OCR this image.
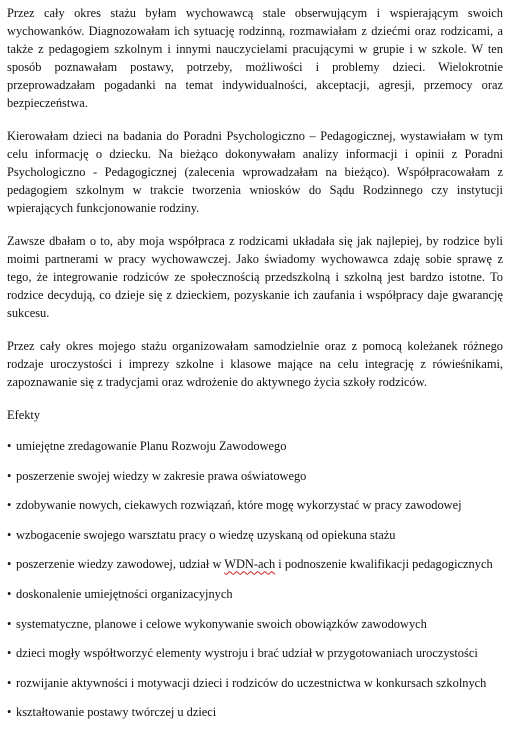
Przez cały okres stażu byłam wychowawcą stale obserwującym i wspierającym swoich wychowanków. Diagnozowałam ich sytuację rodzinną, rozmawiałam z dziećmi oraz rodzicami, a także z pedagogiem szkolnym i innymi nauczycielami pracującymi w grupie i w szkole. W ten sposób poznawałam postawy, potrzeby, możliwości i problemy dzieci. Wielokrotnie przeprowadzałam pogadanki na temat indywidualności, akceptacji, agresji, przemocy oraz bezpieczeństwa.

Kierowałam dzieci na badania do Poradni Psychologiczno – Pedagogicznej, wystawiałam w tym celu informację o dziecku. Na bieżąco dokonywałam analizy informacji i opinii z Poradni Psychologiczno - Pedagogicznej (zalecenia wprowadzałam na bieżąco). Współpracowałam z pedagogiem szkolnym w trakcie tworzenia wniosków do Sądu Rodzinnego czy instytucji wpierających funkcjonowanie rodziny.

Zawsze dbałam o to, aby moja współpraca z rodzicami układała się jak najlepiej, by rodzice byli moimi partnerami w pracy wychowawczej. Jako świadomy wychowawca zdaję sobie sprawę z tego, że integrowanie rodziców ze społecznością przedszkolną i szkolną jest bardzo istotne. To rodzice decydują, co dzieje się z dzieckiem, pozyskanie ich zaufania i współpracy daje gwarancję sukcesu.

Przez cały okres mojego stażu organizowałam samodzielnie oraz z pomocą koleżanek różnego rodzaje uroczystości i imprezy szkolne i klasowe mające na celu integrację z rówieśnikami, zapoznawanie się z tradycjami oraz wdrożenie do aktywnego życia szkoły rodziców.

Efekty
• umiejętne zredagowanie Planu Rozwoju Zawodowego
• poszerzenie swojej wiedzy w zakresie prawa oświatowego
• zdobywanie nowych, ciekawych rozwiązań, które mogę wykorzystać w pracy zawodowej
• wzbogacenie swojego warsztatu pracy o wiedzę uzyskaną od opiekuna stażu
• poszerzenie wiedzy zawodowej, udział w WDN-ach i podnoszenie kwalifikacji pedagogicznych
• doskonalenie umiejętności organizacyjnych
• systematyczne, planowe i celowe wykonywanie swoich obowiązków zawodowych
• dzieci mogły współtworzyć elementy wystroju i brać udział w przygotowaniach uroczystości
• rozwijanie aktywności i motywacji dzieci i rodziców do uczestnictwa w konkursach szkolnych
• kształtowanie postawy twórczej u dzieci
